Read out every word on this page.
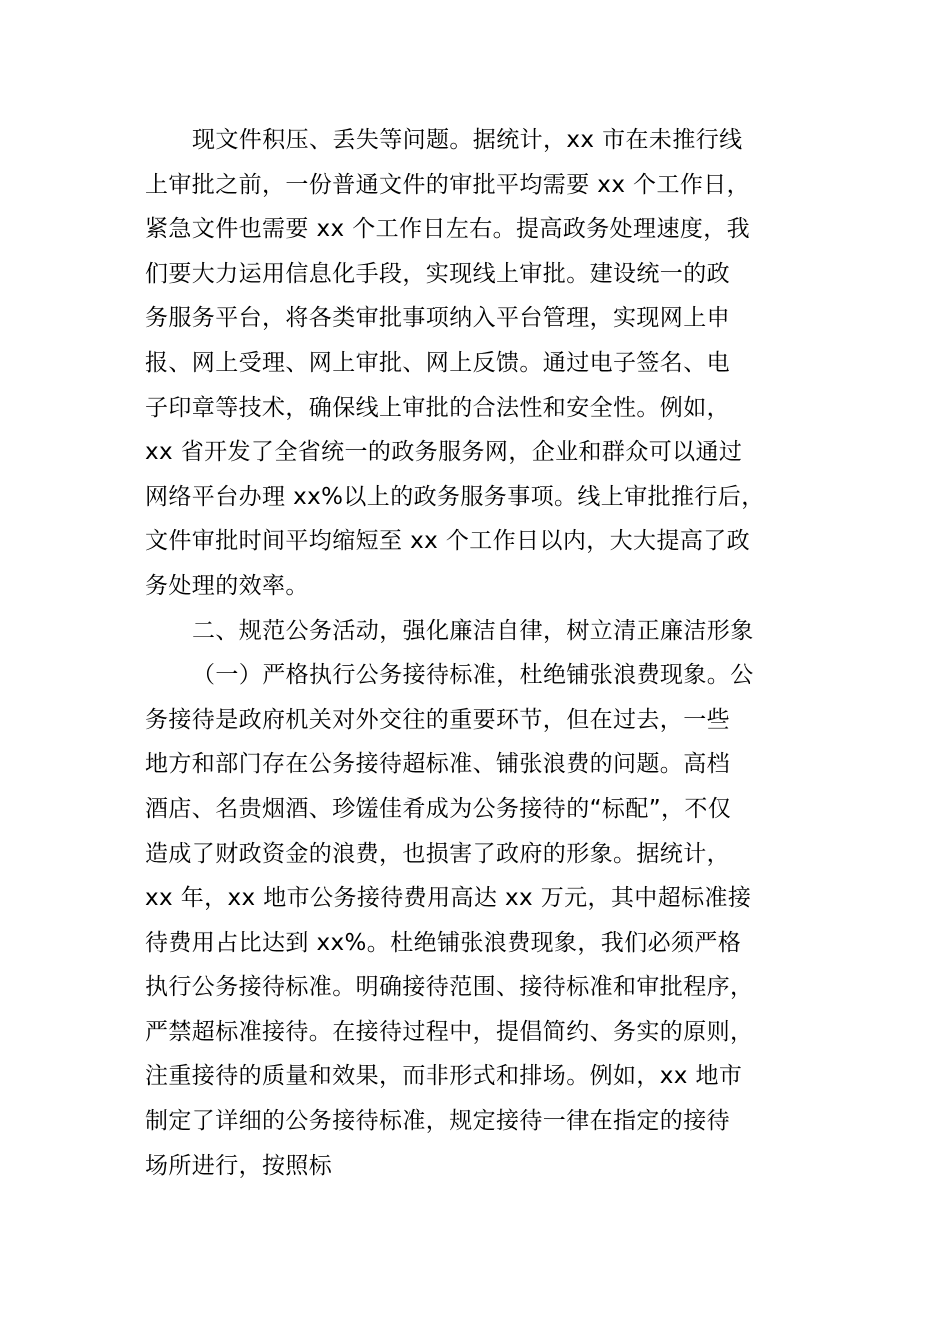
现文件积压、丢失等问题。据统计，xx 市在未推行线
上审批之前，一份普通文件的审批平均需要 xx 个工作日，
紧急文件也需要 xx 个工作日左右。提高政务处理速度，我
们要大力运用信息化手段，实现线上审批。建设统一的政
务服务平台，将各类审批事项纳入平台管理，实现网上申
报、网上受理、网上审批、网上反馈。通过电子签名、电
子印章等技术，确保线上审批的合法性和安全性。例如，
xx 省开发了全省统一的政务服务网，企业和群众可以通过
网络平台办理 xx%以上的政务服务事项。线上审批推行后，
文件审批时间平均缩短至 xx 个工作日以内，大大提高了政
务处理的效率。
二、规范公务活动，强化廉洁自律，树立清正廉洁形象
（一）严格执行公务接待标准，杜绝铺张浪费现象。公
务接待是政府机关对外交往的重要环节，但在过去，一些
地方和部门存在公务接待超标准、铺张浪费的问题。高档
酒店、名贵烟酒、珍馐佳肴成为公务接待的“标配”，不仅
造成了财政资金的浪费，也损害了政府的形象。据统计，
xx 年，xx 地市公务接待费用高达 xx 万元，其中超标准接
待费用占比达到 xx%。杜绝铺张浪费现象，我们必须严格
执行公务接待标准。明确接待范围、接待标准和审批程序，
严禁超标准接待。在接待过程中，提倡简约、务实的原则，
注重接待的质量和效果，而非形式和排场。例如，xx 地市
制定了详细的公务接待标准，规定接待一律在指定的接待
场所进行，按照标
